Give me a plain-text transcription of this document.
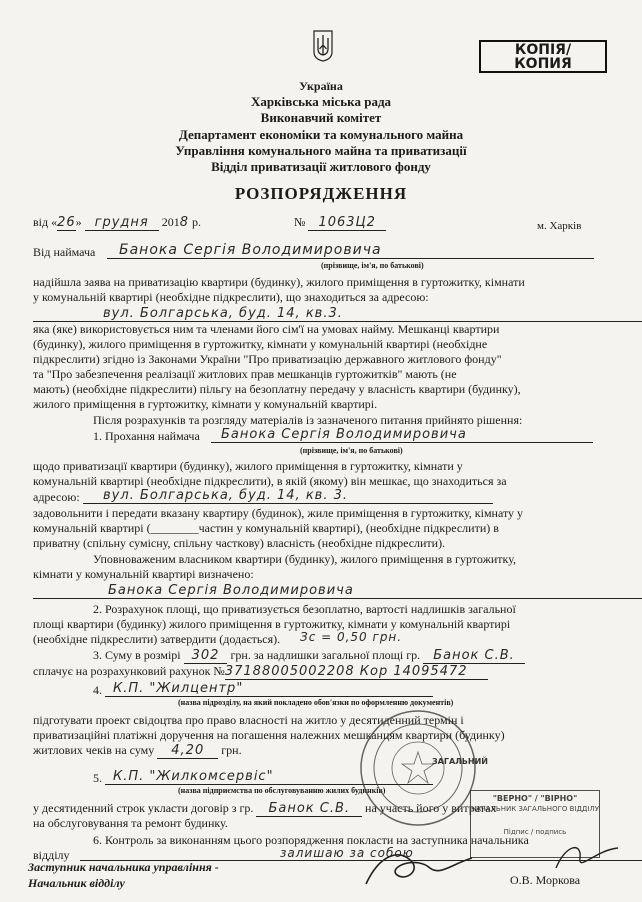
КОПІЯ/
КОПИЯ
Україна
Харківська міська рада
Виконавчий комітет
Департамент економіки та комунального майна
Управління комунального майна та приватизації
Відділ приватизації житлового фонду
РОЗПОРЯДЖЕННЯ
від «26» грудня 2018 р.	№ 1063Ц2	м. Харків
Від наймача	Банока Сергія Володимировича
(прізвище, ім'я, по батькові)
надійшла заява на приватизацію квартири (будинку), жилого приміщення в гуртожитку, кімнати
у комунальній квартирі (необхідне підкреслити), що знаходиться за адресою:
вул. Болгарська, буд. 14, кв.3.
яка (яке) використовується ним та членами його сім'ї на умовах найму. Мешканці квартири
(будинку), жилого приміщення в гуртожитку, кімнати у комунальній квартирі (необхідне
підкреслити) згідно із Законами України "Про приватизацію державного житлового фонду"
та "Про забезпечення реалізації житлових прав мешканців гуртожитків" мають (не
мають) (необхідне підкреслити) пільгу на безоплатну передачу у власність квартири (будинку),
жилого приміщення в гуртожитку, кімнати у комунальній квартирі.
Після розрахунків та розгляду матеріалів із зазначеного питання прийнято рішення:
1. Прохання наймача	Банока Сергія Володимировича
(прізвище, ім'я, по батькові)
щодо приватизації квартири (будинку), жилого приміщення в гуртожитку, кімнати у
комунальній квартирі (необхідне підкреслити), в якій (якому) він мешкає, що знаходиться за
адресою:	вул. Болгарська, буд. 14, кв. 3.
задовольнити і передати вказану квартиру (будинок), жиле приміщення в гуртожитку, кімнату у
комунальній квартирі (________частин у комунальній квартирі), (необхідне підкреслити) в
приватну (спільну сумісну, спільну часткову) власність (необхідне підкреслити).
Уповноваженим власником квартири (будинку), жилого приміщення в гуртожитку,
кімнати у комунальній квартирі визначено:
Банока Сергія Володимировича
2. Розрахунок площі, що приватизується безоплатно, вартості надлишків загальної
площі квартири (будинку) жилого приміщення в гуртожитку, кімнати у комунальній квартирі
(необхідне підкреслити) затвердити (додається). Зс = 0,50 грн.
3. Суму в розмірі 302 грн. за надлишки загальної площі гр. Банок С.В.
сплачує на розрахунковий рахунок №37188005002208 Кор 14095472
4. К.П. "Жилцентр"
(назва підрозділу, на який покладено обов'язки по оформленню документів)
підготувати проект свідоцтва про право власності на житло у десятиденний термін і
приватизаційні платіжні доручення на погашення належних мешканцям квартири (будинку)
житлових чеків на суму 4,20 грн.
5. К.П. "Жилкомсервіс"
(назва підприємства по обслуговуванню жилих будинків)
у десятиденний строк укласти договір з гр. Банок С.В. на участь його у витратах
на обслуговування та ремонт будинку.
6. Контроль за виконанням цього розпорядження покласти на заступника начальника
відділу	залишаю за собою
ЗАГАЛЬНИЙ
"ВЕРНО" / "ВІРНО"
НАЧАЛЬНИК ЗАГАЛЬНОГО ВІДДІЛУ
Підпис / подпись
Заступник начальника управління -
Начальник відділу	О.В. Моркова
